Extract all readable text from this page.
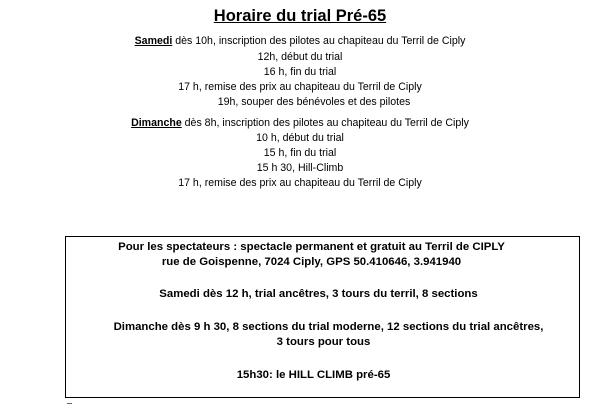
Horaire du trial Pré-65
Samedi dès 10h, inscription des pilotes au chapiteau du Terril de Ciply
12h, début du trial
16 h, fin du trial
17 h, remise des prix au chapiteau du Terril de Ciply
19h, souper des bénévoles et des pilotes
Dimanche dès 8h, inscription des pilotes au chapiteau du Terril de Ciply
10 h, début du trial
15 h, fin du trial
15 h 30, Hill-Climb
17 h, remise des prix au chapiteau du Terril de Ciply
Pour les spectateurs : spectacle permanent et gratuit au Terril de CIPLY
rue de Goispenne, 7024 Ciply, GPS 50.410646, 3.941940
Samedi dès 12 h, trial ancêtres, 3 tours du terril, 8 sections
Dimanche dès 9 h 30, 8 sections du trial moderne, 12 sections du trial ancêtres,
3 tours pour tous
15h30: le HILL CLIMB pré-65
